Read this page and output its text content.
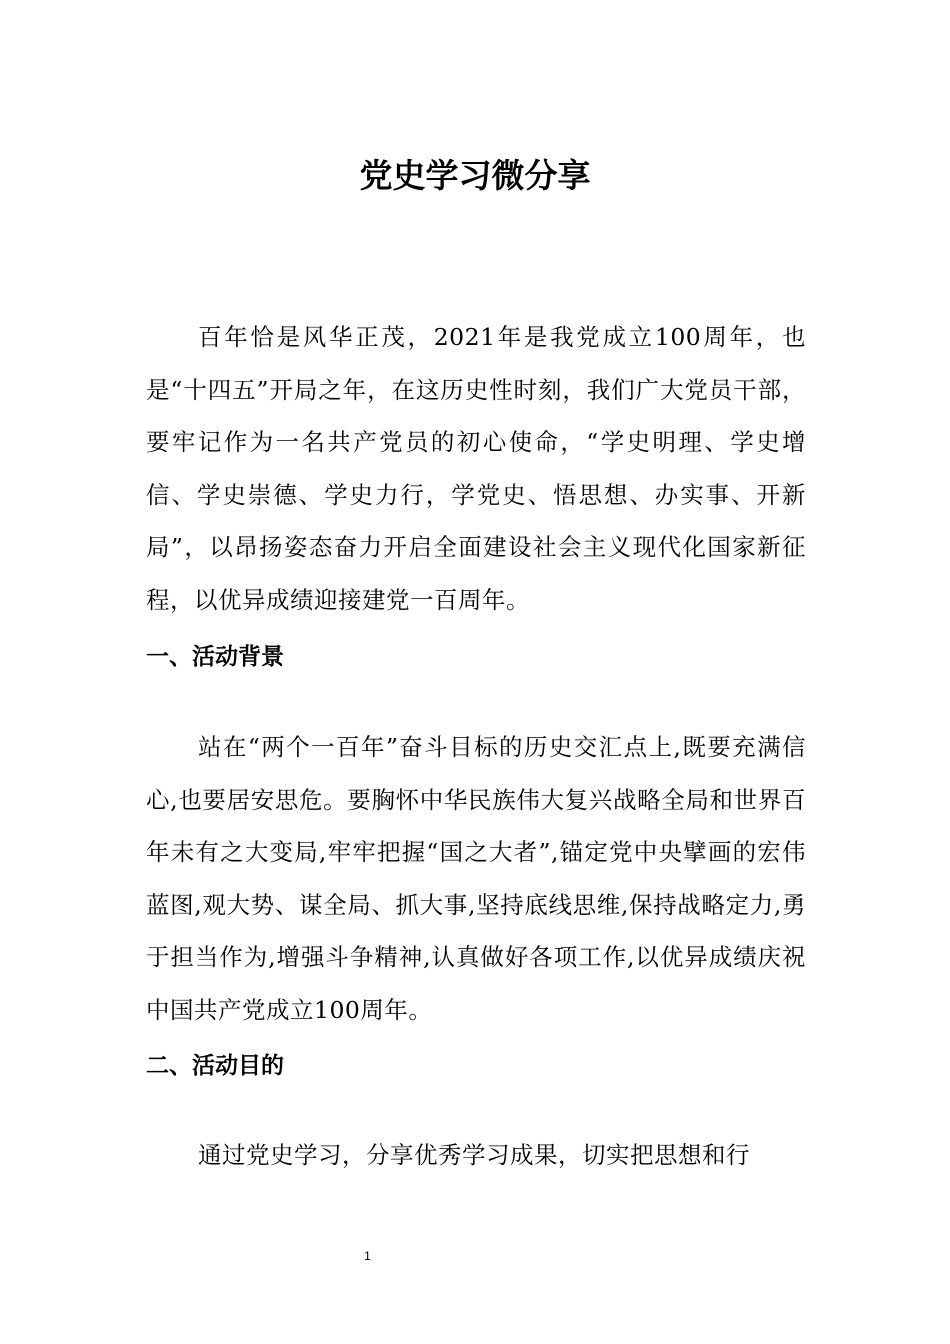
党史学习微分享

百年恰是风华正茂，2021年是我党成立100周年，也是“十四五”开局之年，在这历史性时刻，我们广大党员干部，要牢记作为一名共产党员的初心使命，“学史明理、学史增信、学史崇德、学史力行，学党史、悟思想、办实事、开新局”，以昂扬姿态奋力开启全面建设社会主义现代化国家新征程，以优异成绩迎接建党一百周年。

一、活动背景

站在“两个一百年”奋斗目标的历史交汇点上,既要充满信心,也要居安思危。要胸怀中华民族伟大复兴战略全局和世界百年未有之大变局,牢牢把握“国之大者”,锚定党中央擘画的宏伟蓝图,观大势、谋全局、抓大事,坚持底线思维,保持战略定力,勇于担当作为,增强斗争精神,认真做好各项工作,以优异成绩庆祝中国共产党成立100周年。

二、活动目的

通过党史学习，分享优秀学习成果，切实把思想和行

1
